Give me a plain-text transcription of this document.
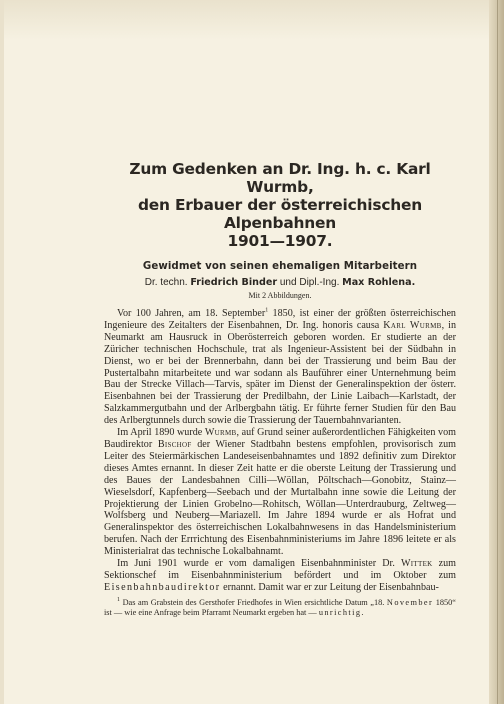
Zum Gedenken an Dr. Ing. h. c. Karl Wurmb,
den Erbauer der österreichischen Alpenbahnen
1901—1907.
Gewidmet von seinen ehemaligen Mitarbeitern
Dr. techn. Friedrich Binder und Dipl.-Ing. Max Rohlena.
Mit 2 Abbildungen.

Vor 100 Jahren, am 18. September$^1$ 1850, ist einer der größten österreichischen Ingenieure des Zeitalters der Eisenbahnen, Dr. Ing. honoris causa Karl Wurmb, in Neumarkt am Hausruck in Oberösterreich geboren worden. Er studierte an der Züricher technischen Hochschule, trat als Ingenieur-Assistent bei der Südbahn in Dienst, wo er bei der Brennerbahn, dann bei der Trassierung und beim Bau der Pustertalbahn mitarbeitete und war sodann als Bauführer einer Unternehmung beim Bau der Strecke Villach—Tarvis, später im Dienst der Generalinspektion der österr. Eisenbahnen bei der Trassierung der Predilbahn, der Linie Laibach—Karlstadt, der Salzkammergutbahn und der Arlbergbahn tätig. Er führte ferner Studien für den Bau des Arlbergtunnels durch sowie die Trassierung der Tauernbahnvarianten.

Im April 1890 wurde Wurmb, auf Grund seiner außerordentlichen Fähigkeiten vom Baudirektor Bischof der Wiener Stadtbahn bestens empfohlen, provisorisch zum Leiter des Steiermärkischen Landeseisenbahnamtes und 1892 definitiv zum Direktor dieses Amtes ernannt. In dieser Zeit hatte er die oberste Leitung der Trassierung und des Baues der Landesbahnen Cilli—Wöllan, Pöltschach—Gonobitz, Stainz—Wieselsdorf, Kapfenberg—Seebach und der Murtalbahn inne sowie die Leitung der Projektierung der Linien Grobelno—Rohitsch, Wöllan—Unterdrauburg, Zeltweg—Wolfsberg und Neuberg—Mariazell. Im Jahre 1894 wurde er als Hofrat und Generalinspektor des österreichischen Lokalbahnwesens in das Handelsministerium berufen. Nach der Errrichtung des Eisenbahnministeriums im Jahre 1896 leitete er als Ministerialrat das technische Lokalbahnamt.

Im Juni 1901 wurde er vom damaligen Eisenbahnminister Dr. Wittek zum Sektionschef im Eisenbahnministerium befördert und im Oktober zum Eisenbahnbaudirektor ernannt. Damit war er zur Leitung der Eisenbahnbau-

$^1$ Das am Grabstein des Gersthofer Friedhofes in Wien ersichtliche Datum „18. November 1850“ ist — wie eine Anfrage beim Pfarramt Neumarkt ergeben hat — unrichtig.
